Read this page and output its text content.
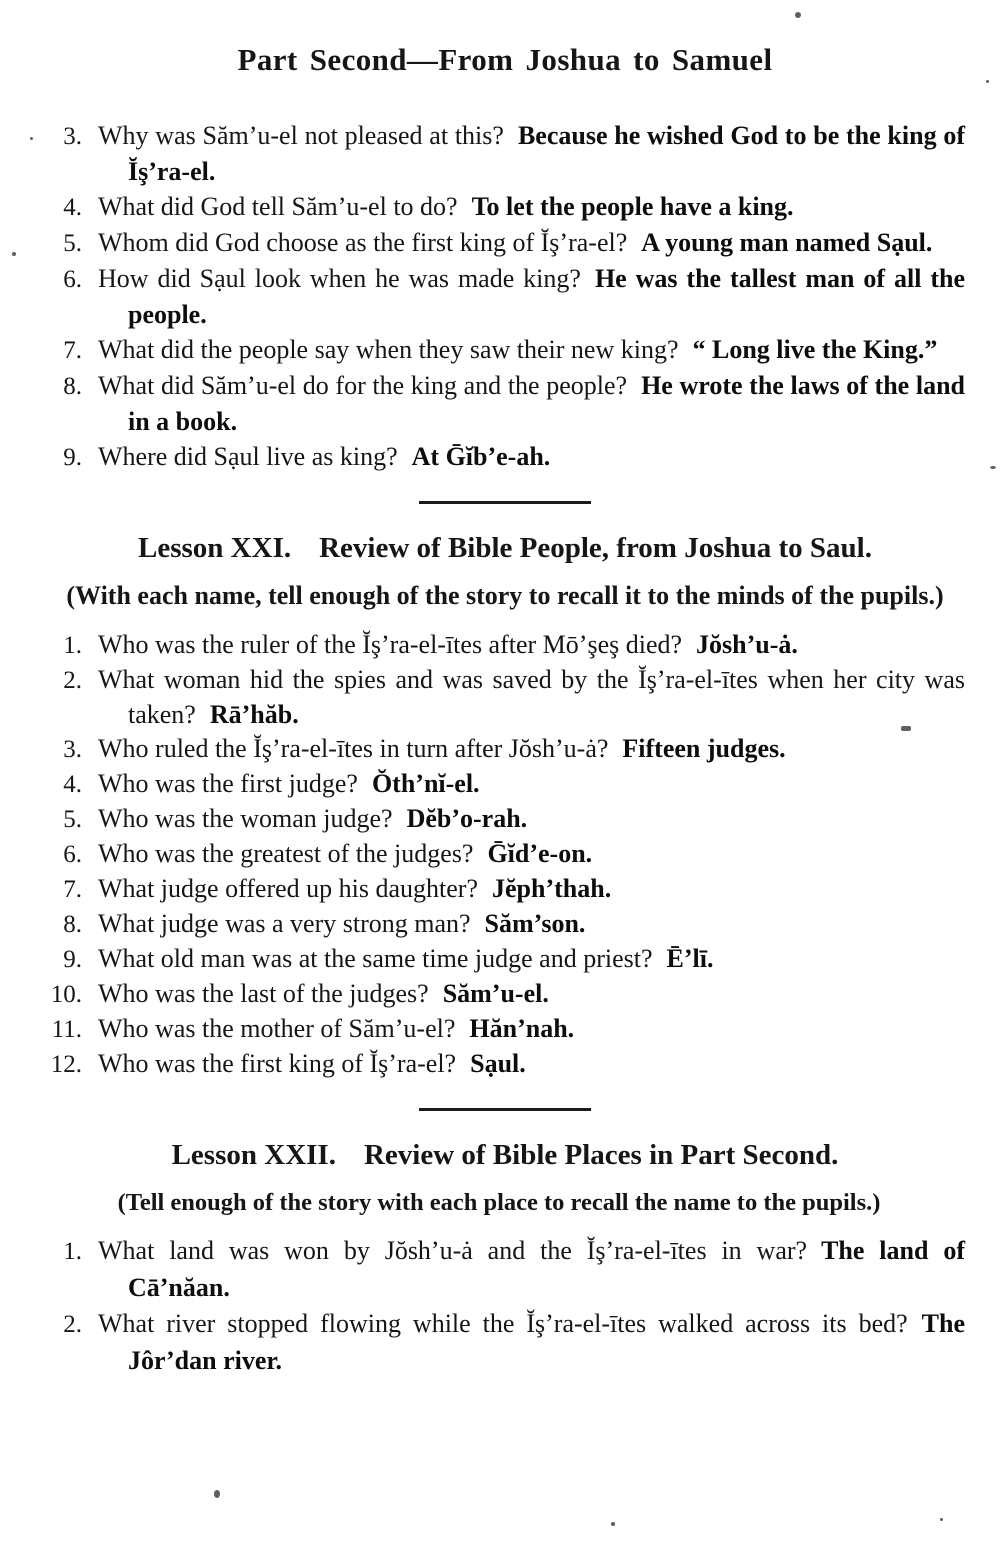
Part Second—From Joshua to Samuel

3. Why was Săm’u-el not pleased at this? Because he wished God to be the king of Ĭş’ra-el.

4. What did God tell Săm’u-el to do? To let the people have a king.

5. Whom did God choose as the first king of Ĭş’ra-el? A young man named Sạul.

6. How did Sạul look when he was made king? He was the tallest man of all the people.

7. What did the people say when they saw their new king? “ Long live the King.”

8. What did Săm’u-el do for the king and the people? He wrote the laws of the land in a book.

9. Where did Sạul live as king? At Ḡĭb’e-ah.

Lesson XXI. Review of Bible People, from Joshua to Saul.

(With each name, tell enough of the story to recall it to the minds of the pupils.)

1. Who was the ruler of the Ĭş’ra-el-ītes after Mō’şeş died? Jŏsh’u-ȧ.

2. What woman hid the spies and was saved by the Ĭş’ra-el-ītes when her city was taken? Rā’hăb.

3. Who ruled the Ĭş’ra-el-ītes in turn after Jŏsh’u-ȧ? Fifteen judges.

4. Who was the first judge? Ŏth’nĭ-el.

5. Who was the woman judge? Dĕb’o-rah.

6. Who was the greatest of the judges? Ḡĭd’e-on.

7. What judge offered up his daughter? Jĕph’thah.

8. What judge was a very strong man? Săm’son.

9. What old man was at the same time judge and priest? Ē’lī.

10. Who was the last of the judges? Săm’u-el.

11. Who was the mother of Săm’u-el? Hăn’nah.

12. Who was the first king of Ĭş’ra-el? Sạul.

Lesson XXII. Review of Bible Places in Part Second.

(Tell enough of the story with each place to recall the name to the pupils.)

1. What land was won by Jŏsh’u-ȧ and the Ĭş’ra-el-ītes in war? The land of Cā’năan.

2. What river stopped flowing while the Ĭş’ra-el-ītes walked across its bed? The Jôr’dan river.
